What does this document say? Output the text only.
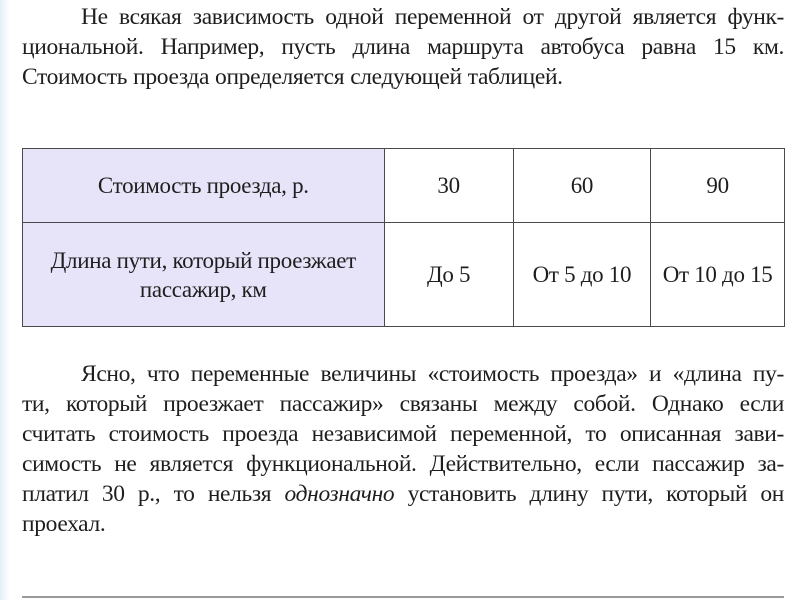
Не всякая зависимость одной переменной от другой является функ-
циональной. Например, пусть длина маршрута автобуса равна 15 км.
Стоимость проезда определяется следующей таблицей.

Стоимость проезда, р.	30	60	90
Длина пути, который проезжает
пассажир, км	До 5	От 5 до 10	От 10 до 15

Ясно, что переменные величины «стоимость проезда» и «длина пу-
ти, который проезжает пассажир» связаны между собой. Однако если
считать стоимость проезда независимой переменной, то описанная зави-
симость не является функциональной. Действительно, если пассажир за-
платил 30 р., то нельзя однозначно установить длину пути, который он
проехал.
